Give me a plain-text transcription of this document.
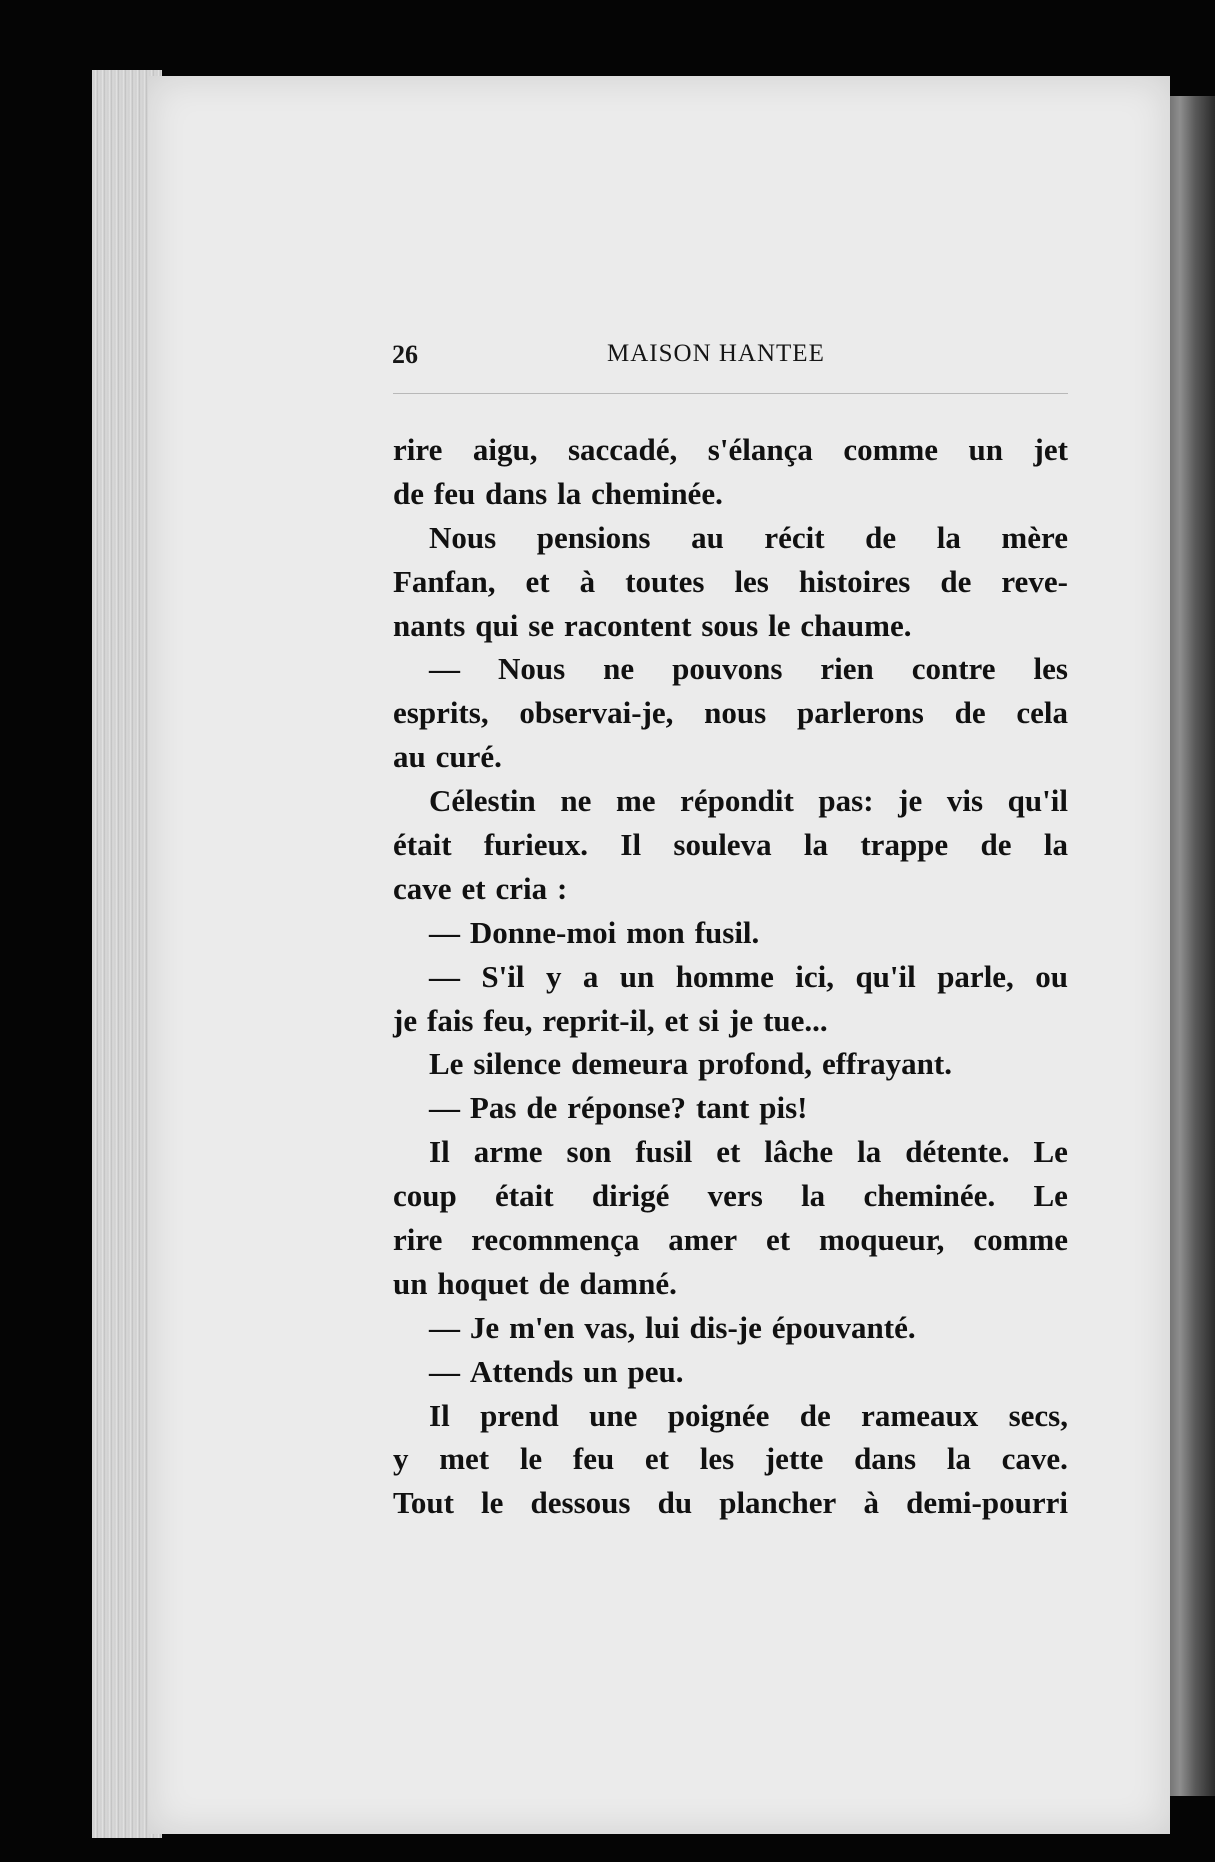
26	MAISON HANTEE
rire aigu, saccadé, s'élança comme un jet
de feu dans la cheminée.
Nous pensions au récit de la mère
Fanfan, et à toutes les histoires de reve-
nants qui se racontent sous le chaume.
— Nous ne pouvons rien contre les
esprits, observai-je, nous parlerons de cela
au curé.
Célestin ne me répondit pas: je vis qu'il
était furieux. Il souleva la trappe de la
cave et cria :
— Donne-moi mon fusil.
— S'il y a un homme ici, qu'il parle, ou
je fais feu, reprit-il, et si je tue...
Le silence demeura profond, effrayant.
— Pas de réponse? tant pis!
Il arme son fusil et lâche la détente. Le
coup était dirigé vers la cheminée. Le
rire recommença amer et moqueur, comme
un hoquet de damné.
— Je m'en vas, lui dis-je épouvanté.
— Attends un peu.
Il prend une poignée de rameaux secs,
y met le feu et les jette dans la cave.
Tout le dessous du plancher à demi-pourri
